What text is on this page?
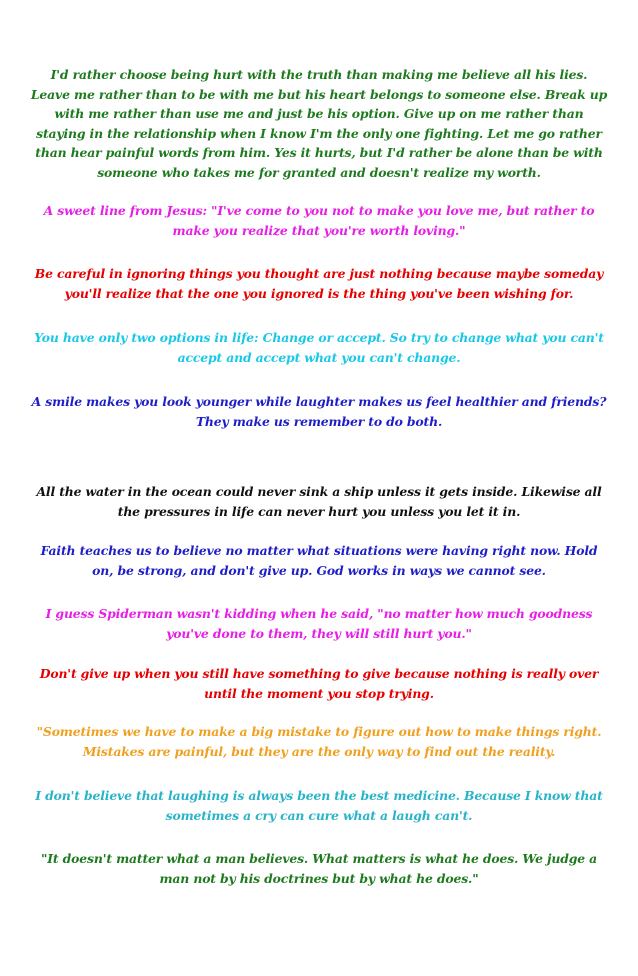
I'd rather choose being hurt with the truth than making me believe all his lies. Leave me rather than to be with me but his heart belongs to someone else. Break up with me rather than use me and just be his option. Give up on me rather than staying in the relationship when I know I'm the only one fighting. Let me go rather than hear painful words from him. Yes it hurts, but I'd rather be alone than be with someone who takes me for granted and doesn't realize my worth.

A sweet line from Jesus: "I've come to you not to make you love me, but rather to make you realize that you're worth loving."

Be careful in ignoring things you thought are just nothing because maybe someday you'll realize that the one you ignored is the thing you've been wishing for.

You have only two options in life: Change or accept. So try to change what you can't accept and accept what you can't change.

A smile makes you look younger while laughter makes us feel healthier and friends? They make us remember to do both.

All the water in the ocean could never sink a ship unless it gets inside. Likewise all the pressures in life can never hurt you unless you let it in.

Faith teaches us to believe no matter what situations were having right now. Hold on, be strong, and don't give up. God works in ways we cannot see.

I guess Spiderman wasn't kidding when he said, "no matter how much goodness you've done to them, they will still hurt you."

Don't give up when you still have something to give because nothing is really over until the moment you stop trying.

"Sometimes we have to make a big mistake to figure out how to make things right. Mistakes are painful, but they are the only way to find out the reality.

I don't believe that laughing is always been the best medicine. Because I know that sometimes a cry can cure what a laugh can't.

"It doesn't matter what a man believes. What matters is what he does. We judge a man not by his doctrines but by what he does."
